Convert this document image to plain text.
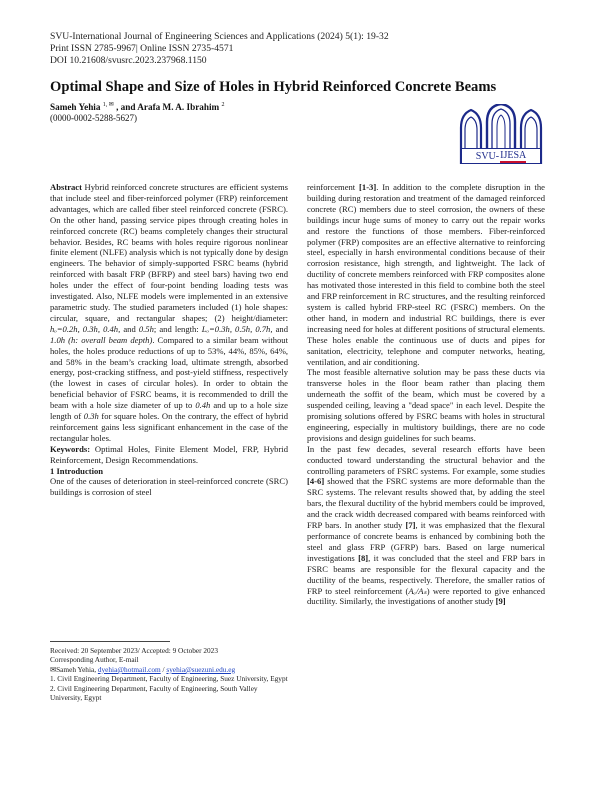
SVU-International Journal of Engineering Sciences and Applications (2024) 5(1): 19-32
Print ISSN 2785-9967| Online ISSN 2735-4571
DOI 10.21608/svusrc.2023.237968.1150
Optimal Shape and Size of Holes in Hybrid Reinforced Concrete Beams
Sameh Yehia $^{1, ✉}$ , and Arafa M. A. Ibrahim $^2$
(0000-0002-5288-5627)
SVU- IJESA

Abstract Hybrid reinforced concrete structures are efficient systems that include steel and fiber-reinforced polymer (FRP) reinforcement advantages, which are called fiber steel reinforced concrete (FSRC). On the other hand, passing service pipes through creating holes in reinforced concrete (RC) beams completely changes their structural behavior. Besides, RC beams with holes require rigorous nonlinear finite element (NLFE) analysis which is not typically done by design engineers. The behavior of simply-supported FSRC beams (hybrid reinforced with basalt FRP (BFRP) and steel bars) having two end holes under the effect of four-point bending loading tests was investigated. Also, NLFE models were implemented in an extensive parametric study. The studied parameters included (1) hole shapes: circular, square, and rectangular shapes; (2) height/diameter: hₒ=0.2h, 0.3h, 0.4h, and 0.5h; and length: Lₒ=0.3h, 0.5h, 0.7h, and 1.0h (h: overall beam depth). Compared to a similar beam without holes, the holes produce reductions of up to 53%, 44%, 85%, 64%, and 58% in the beam’s cracking load, ultimate strength, absorbed energy, post-cracking stiffness, and post-yield stiffness, respectively (the lowest in cases of circular holes). In order to obtain the beneficial behavior of FSRC beams, it is recommended to drill the beam with a hole size diameter of up to 0.4h and up to a hole size length of 0.3h for square holes. On the contrary, the effect of hybrid reinforcement gains less significant enhancement in the case of the rectangular holes.

Keywords: Optimal Holes, Finite Element Model, FRP, Hybrid Reinforcement, Design Recommendations.

1 Introduction

One of the causes of deterioration in steel-reinforced concrete (SRC) buildings is corrosion of steel

Received: 20 September 2023/ Accepted: 9 October 2023

Corresponding Author, E-mail

✉Sameh Yehia, dyehia@hotmail.com / syehia@suezuni.edu.eg

1. Civil Engineering Department, Faculty of Engineering, Suez University, Egypt

2. Civil Engineering Department, Faculty of Engineering, South Valley University, Egypt

reinforcement [1-3]. In addition to the complete disruption in the building during restoration and treatment of the damaged reinforced concrete (RC) members due to steel corrosion, the owners of these buildings incur huge sums of money to carry out the repair works and restore the functions of those members. Fiber-reinforced polymer (FRP) composites are an effective alternative to reinforcing steel, especially in harsh environmental conditions because of their corrosion resistance, high strength, and lightweight. The lack of ductility of concrete members reinforced with FRP composites alone has motivated those interested in this field to combine both the steel and FRP reinforcement in RC structures, and the resulting reinforced system is called hybrid FRP-steel RC (FSRC) members. On the other hand, in modern and industrial RC buildings, there is ever increasing need for holes at different positions of structural elements. These holes enable the continuous use of ducts and pipes for sanitation, electricity, telephone and computer networks, heating, ventilation, and air conditioning.

The most feasible alternative solution may be pass these ducts via transverse holes in the floor beam rather than placing them underneath the soffit of the beam, which must be covered by a suspended ceiling, leaving a "dead space" in each level. Despite the promising solutions offered by FSRC beams with holes in structural engineering, especially in multistory buildings, there are no code provisions and design guidelines for such beams.

In the past few decades, several research efforts have been conducted toward understanding the structural behavior and the controlling parameters of FSRC systems. For example, some studies [4-6] showed that the FSRC systems are more deformable than the SRC systems. The relevant results showed that, by adding the steel bars, the flexural ductility of the hybrid members could be improved, and the crack width decreased compared with beams reinforced with FRP bars. In another study [7], it was emphasized that the flexural performance of concrete beams is enhanced by combining both the steel and glass FRP (GFRP) bars. Based on large numerical investigations [8], it was concluded that the steel and FRP bars in FSRC beams are responsible for the flexural capacity and the ductility of the beams, respectively. Therefore, the smaller ratios of FRP to steel reinforcement (Aₑ/Aₛ) were reported to give enhanced ductility. Similarly, the investigations of another study [9]
